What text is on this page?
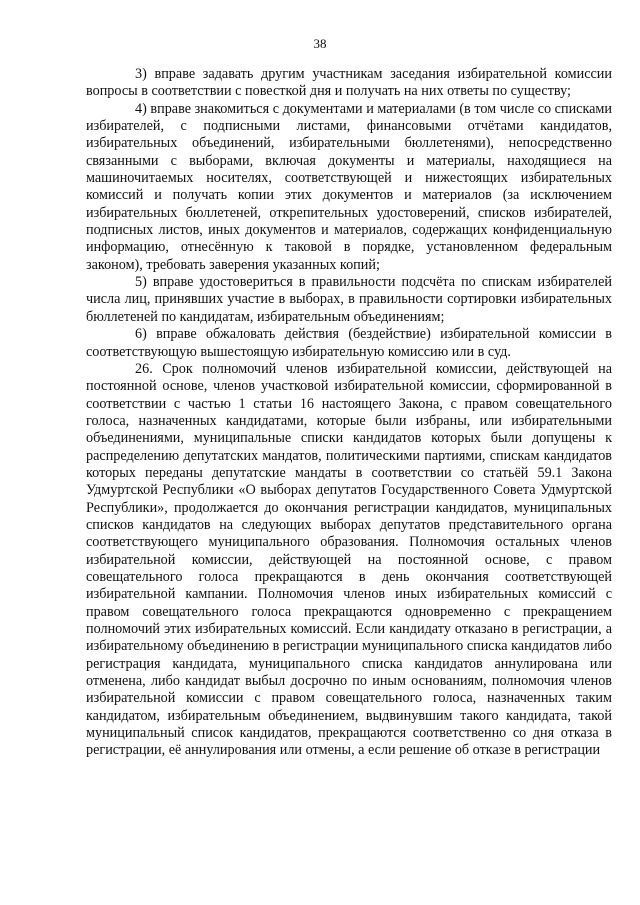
38

3) вправе задавать другим участникам заседания избирательной комиссии вопросы в соответствии с повесткой дня и получать на них ответы по существу;

4) вправе знакомиться с документами и материалами (в том числе со списками избирателей, с подписными листами, финансовыми отчётами кандидатов, избирательных объединений, избирательными бюллетенями), непосредственно связанными с выборами, включая документы и материалы, находящиеся на машиночитаемых носителях, соответствующей и нижестоящих избирательных комиссий и получать копии этих документов и материалов (за исключением избирательных бюллетеней, открепительных удостоверений, списков избирателей, подписных листов, иных документов и материалов, содержащих конфиденциальную информацию, отнесённую к таковой в порядке, установленном федеральным законом), требовать заверения указанных копий;

5) вправе удостовериться в правильности подсчёта по спискам избирателей числа лиц, принявших участие в выборах, в правильности сортировки избирательных бюллетеней по кандидатам, избирательным объединениям;

6) вправе обжаловать действия (бездействие) избирательной комиссии в соответствующую вышестоящую избирательную комиссию или в суд.

26. Срок полномочий членов избирательной комиссии, действующей на постоянной основе, членов участковой избирательной комиссии, сформированной в соответствии с частью 1 статьи 16 настоящего Закона, с правом совещательного голоса, назначенных кандидатами, которые были избраны, или избирательными объединениями, муниципальные списки кандидатов которых были допущены к распределению депутатских мандатов, политическими партиями, спискам кандидатов которых переданы депутатские мандаты в соответствии со статьёй 59.1 Закона Удмуртской Республики «О выборах депутатов Государственного Совета Удмуртской Республики», продолжается до окончания регистрации кандидатов, муниципальных списков кандидатов на следующих выборах депутатов представительного органа соответствующего муниципального образования. Полномочия остальных членов избирательной комиссии, действующей на постоянной основе, с правом совещательного голоса прекращаются в день окончания соответствующей избирательной кампании. Полномочия членов иных избирательных комиссий с правом совещательного голоса прекращаются одновременно с прекращением полномочий этих избирательных комиссий. Если кандидату отказано в регистрации, а избирательному объединению в регистрации муниципального списка кандидатов либо регистрация кандидата, муниципального списка кандидатов аннулирована или отменена, либо кандидат выбыл досрочно по иным основаниям, полномочия членов избирательной комиссии с правом совещательного голоса, назначенных таким кандидатом, избирательным объединением, выдвинувшим такого кандидата, такой муниципальный список кандидатов, прекращаются соответственно со дня отказа в регистрации, её аннулирования или отмены, а если решение об отказе в регистрации
